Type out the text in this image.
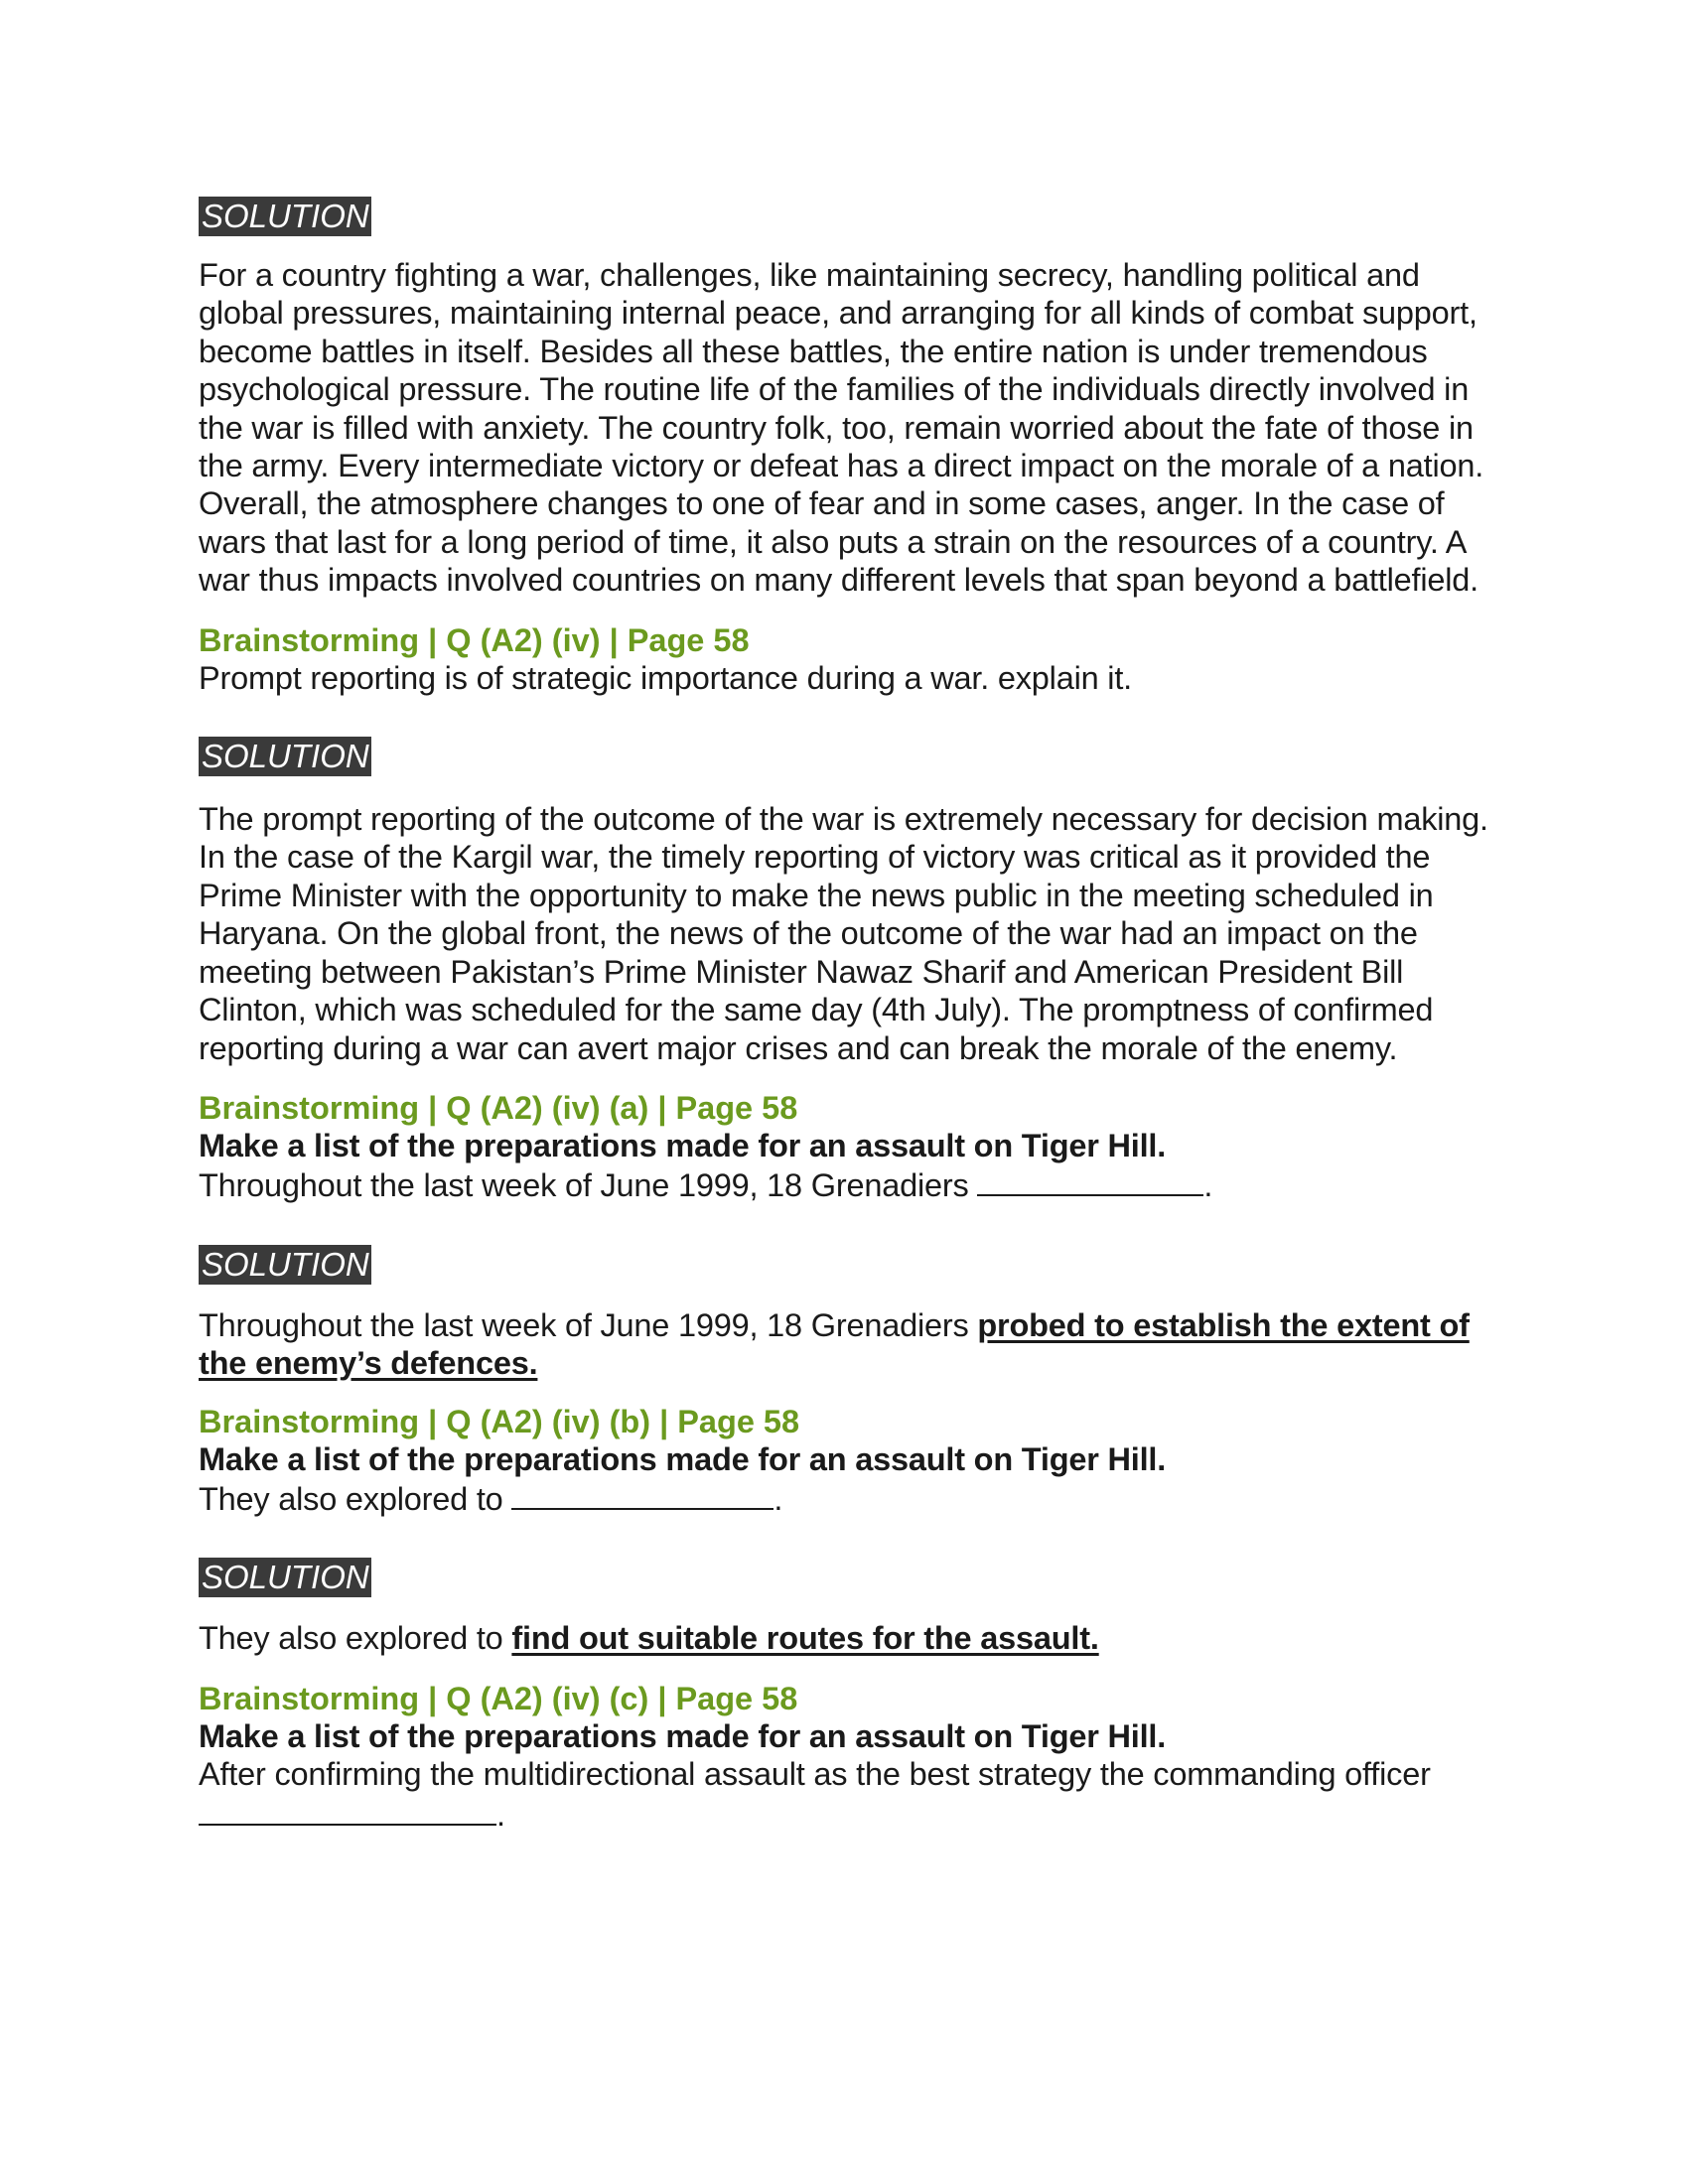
SOLUTION

For a country fighting a war, challenges, like maintaining secrecy, handling political and global pressures, maintaining internal peace, and arranging for all kinds of combat support, become battles in itself. Besides all these battles, the entire nation is under tremendous psychological pressure. The routine life of the families of the individuals directly involved in the war is filled with anxiety. The country folk, too, remain worried about the fate of those in the army. Every intermediate victory or defeat has a direct impact on the morale of a nation. Overall, the atmosphere changes to one of fear and in some cases, anger. In the case of wars that last for a long period of time, it also puts a strain on the resources of a country. A war thus impacts involved countries on many different levels that span beyond a battlefield.

Brainstorming | Q (A2) (iv) | Page 58

Prompt reporting is of strategic importance during a war. explain it.

SOLUTION

The prompt reporting of the outcome of the war is extremely necessary for decision making. In the case of the Kargil war, the timely reporting of victory was critical as it provided the Prime Minister with the opportunity to make the news public in the meeting scheduled in Haryana. On the global front, the news of the outcome of the war had an impact on the meeting between Pakistan’s Prime Minister Nawaz Sharif and American President Bill Clinton, which was scheduled for the same day (4th July). The promptness of confirmed reporting during a war can avert major crises and can break the morale of the enemy.

Brainstorming | Q (A2) (iv) (a) | Page 58

Make a list of the preparations made for an assault on Tiger Hill.

Throughout the last week of June 1999, 18 Grenadiers	.

SOLUTION

Throughout the last week of June 1999, 18 Grenadiers probed to establish the extent of the enemy’s defences.

Brainstorming | Q (A2) (iv) (b) | Page 58

Make a list of the preparations made for an assault on Tiger Hill.

They also explored to	.

SOLUTION

They also explored to find out suitable routes for the assault.

Brainstorming | Q (A2) (iv) (c) | Page 58

Make a list of the preparations made for an assault on Tiger Hill.

After confirming the multidirectional assault as the best strategy the commanding officer
.
